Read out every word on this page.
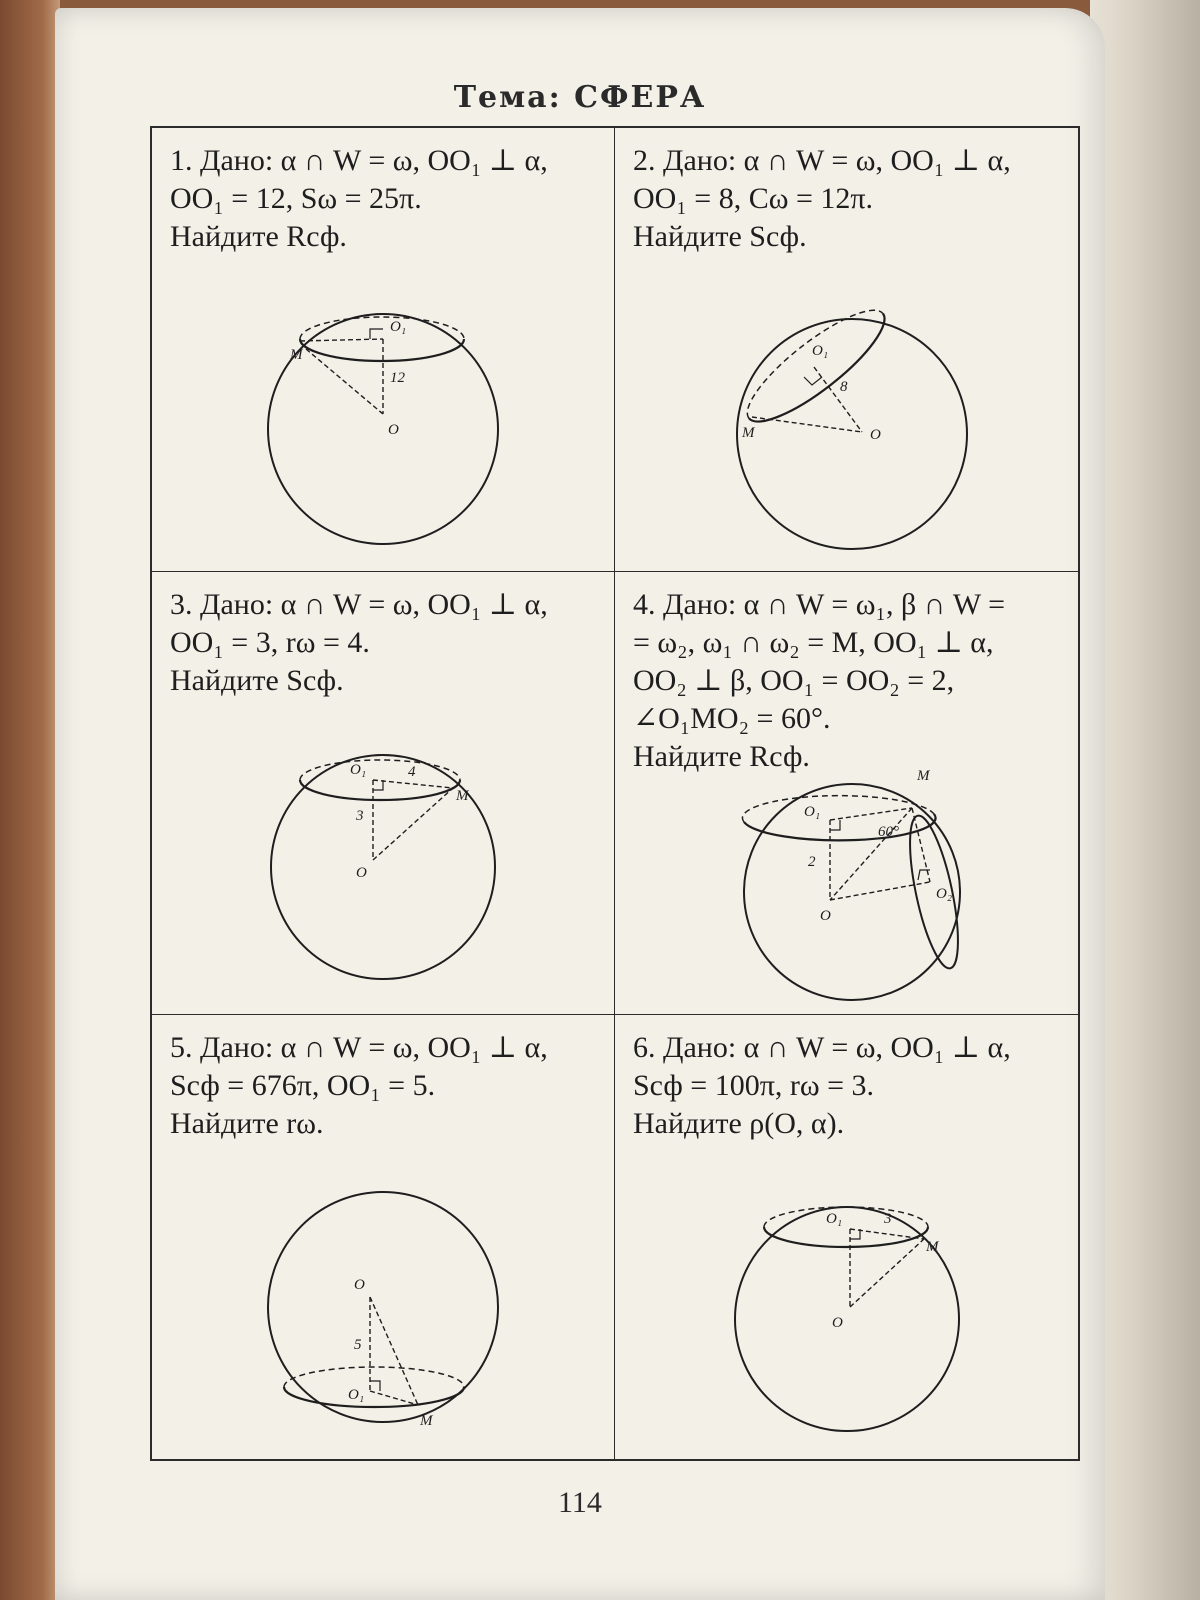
Тема: СФЕРА
1. Дано: α ∩ W = ω, OO₁ ⊥ α,
OO₁ = 12, Sω = 25π.
Найдите Rсф.
O₁
M
12
O
2. Дано: α ∩ W = ω, OO₁ ⊥ α,
OO₁ = 8, Cω = 12π.
Найдите Sсф.
O₁
8
M	O
3. Дано: α ∩ W = ω, OO₁ ⊥ α,
OO₁ = 3, rω = 4.
Найдите Sсф.
O₁	4
M
3
O
4. Дано: α ∩ W = ω₁, β ∩ W =
= ω₂, ω₁ ∩ ω₂ = M, OO₁ ⊥ α,
OO₂ ⊥ β, OO₁ = OO₂ = 2,
∠O₁MO₂ = 60°.
Найдите Rсф.
M
O₁
60°
2
O₂
O
5. Дано: α ∩ W = ω, OO₁ ⊥ α,
Sсф = 676π, OO₁ = 5.
Найдите rω.
O
5
O₁
M
6. Дано: α ∩ W = ω, OO₁ ⊥ α,
Sсф = 100π, rω = 3.
Найдите ρ(O, α).
O₁	3
M
O
114
